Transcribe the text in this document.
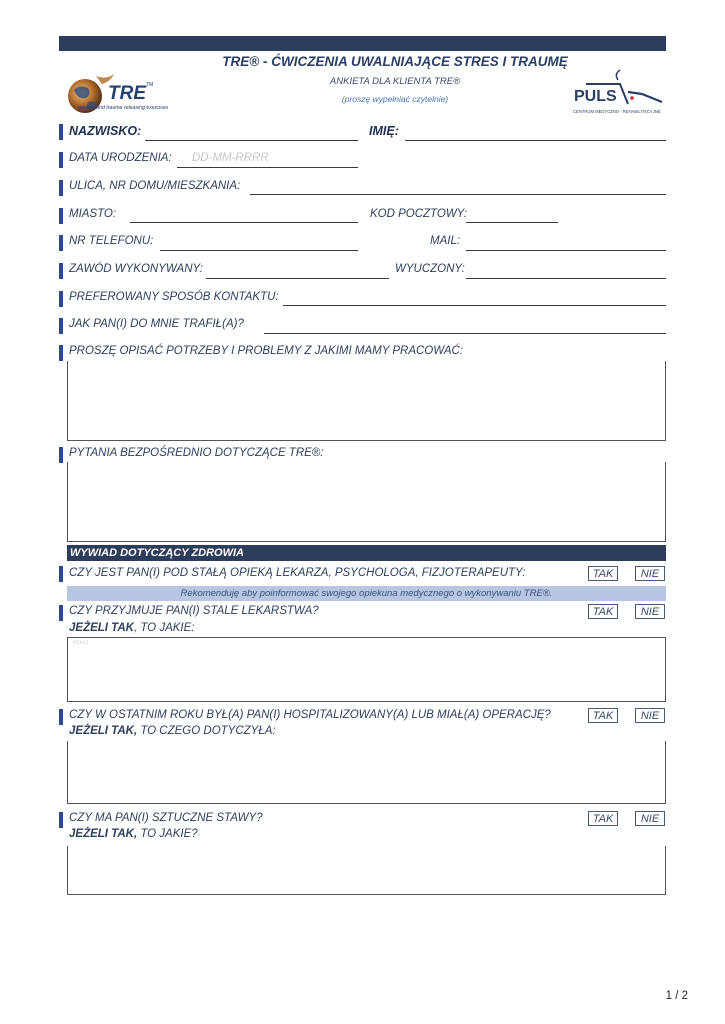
TRE TM
tension and trauma releasing exercises
TRE® - ĆWICZENIA UWALNIAJĄCE STRES I TRAUMĘ
ANKIETA DLA KLIENTA TRE®
(proszę wypełniać czytelnie)	PULS
CENTRUM MEDYCZNO - REHABILITACYJNE
NAZWISKO:	IMIĘ:
DATA URODZENIA: DD-MM-RRRR
ULICA, NR DOMU/MIESZKANIA:
MIASTO:	KOD POCZTOWY:
NR TELEFONU:	MAIL:
ZAWÓD WYKONYWANY:	WYUCZONY:
PREFEROWANY SPOSÓB KONTAKTU:
JAK PAN(I) DO MNIE TRAFIŁ(A)?
PROSZĘ OPISAĆ POTRZEBY I PROBLEMY Z JAKIMI MAMY PRACOWAĆ:
PYTANIA BEZPOŚREDNIO DOTYCZĄCE TRE®:
WYWIAD DOTYCZĄCY ZDROWIA
CZY JEST PAN(I) POD STAŁĄ OPIEKĄ LEKARZA, PSYCHOLOGA, FIZJOTERAPEUTY:	TAK	NIE
Rekomenduję aby poinformować swojego opiekuna medycznego o wykonywaniu TRE®.
CZY PRZYJMUJE PAN(I) STALE LEKARSTWA?	TAK	NIE
JEŻELI TAK, TO JAKIE:
Wpisz
CZY W OSTATNIM ROKU BYŁ(A) PAN(I) HOSPITALIZOWANY(A) LUB MIAŁ(A) OPERACJĘ?	TAK	NIE
JEŻELI TAK, TO CZEGO DOTYCZYŁA:
CZY MA PAN(I) SZTUCZNE STAWY?	TAK	NIE
JEŻELI TAK, TO JAKIE?
1 / 2
